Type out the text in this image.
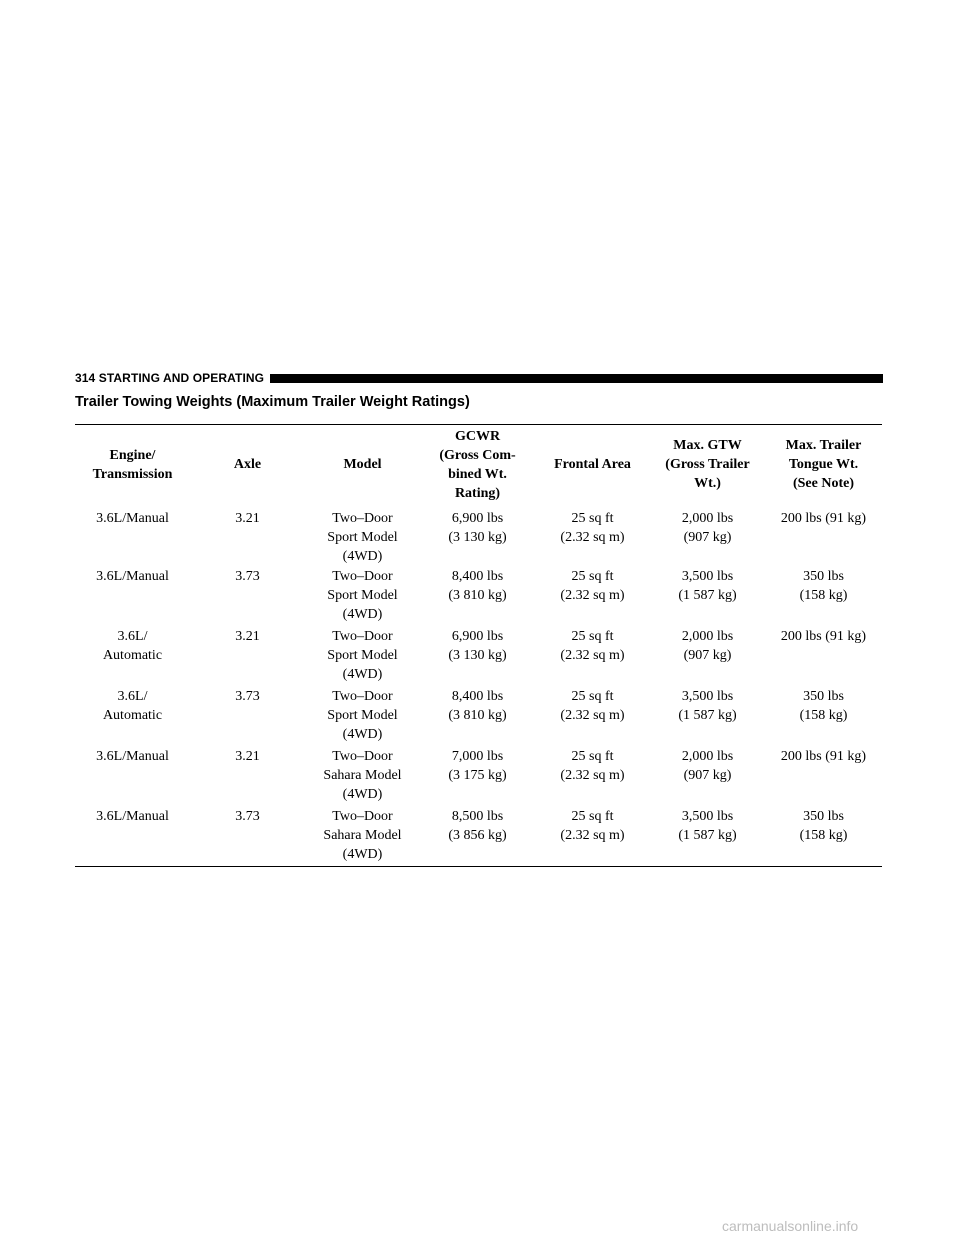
314 STARTING AND OPERATING
Trailer Towing Weights (Maximum Trailer Weight Ratings)
Engine/
Transmission	Axle	Model	GCWR
(Gross Com-
bined Wt.
Rating)	Frontal Area	Max. GTW
(Gross Trailer
Wt.)	Max. Trailer
Tongue Wt.
(See Note)

3.6L/Manual	3.21	Two–Door
Sport Model
(4WD)	6,900 lbs
(3 130 kg)	25 sq ft
(2.32 sq m)	2,000 lbs
(907 kg)	200 lbs (91 kg)

3.6L/Manual	3.73	Two–Door
Sport Model
(4WD)	8,400 lbs
(3 810 kg)	25 sq ft
(2.32 sq m)	3,500 lbs
(1 587 kg)	350 lbs
(158 kg)

3.6L/
Automatic	3.21	Two–Door
Sport Model
(4WD)	6,900 lbs
(3 130 kg)	25 sq ft
(2.32 sq m)	2,000 lbs
(907 kg)	200 lbs (91 kg)

3.6L/
Automatic	3.73	Two–Door
Sport Model
(4WD)	8,400 lbs
(3 810 kg)	25 sq ft
(2.32 sq m)	3,500 lbs
(1 587 kg)	350 lbs
(158 kg)

3.6L/Manual	3.21	Two–Door
Sahara Model
(4WD)	7,000 lbs
(3 175 kg)	25 sq ft
(2.32 sq m)	2,000 lbs
(907 kg)	200 lbs (91 kg)

3.6L/Manual	3.73	Two–Door
Sahara Model
(4WD)	8,500 lbs
(3 856 kg)	25 sq ft
(2.32 sq m)	3,500 lbs
(1 587 kg)	350 lbs
(158 kg)
carmanualsonline.info
